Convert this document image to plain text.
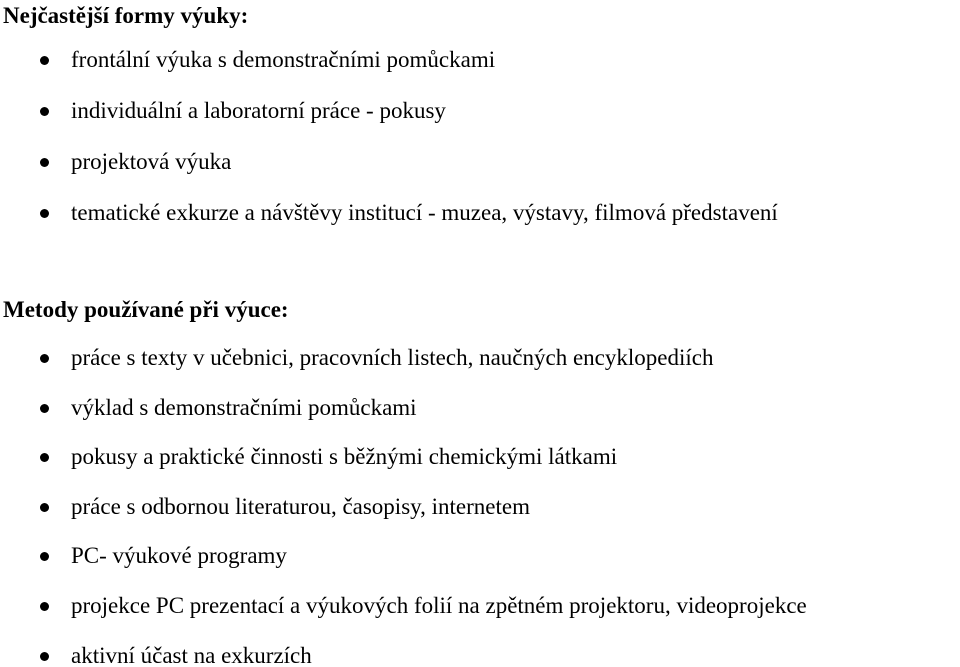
Nejčastější formy výuky:
frontální výuka s demonstračními pomůckami
individuální a laboratorní práce - pokusy
projektová výuka
tematické exkurze a návštěvy institucí - muzea, výstavy, filmová představení
Metody používané při výuce:
práce s texty v učebnici, pracovních listech, naučných encyklopediích
výklad s demonstračními pomůckami
pokusy a praktické činnosti s běžnými chemickými látkami
práce s odbornou literaturou, časopisy, internetem
PC- výukové programy
projekce PC prezentací a výukových folií na zpětném projektoru, videoprojekce
aktivní účast na exkurzích
